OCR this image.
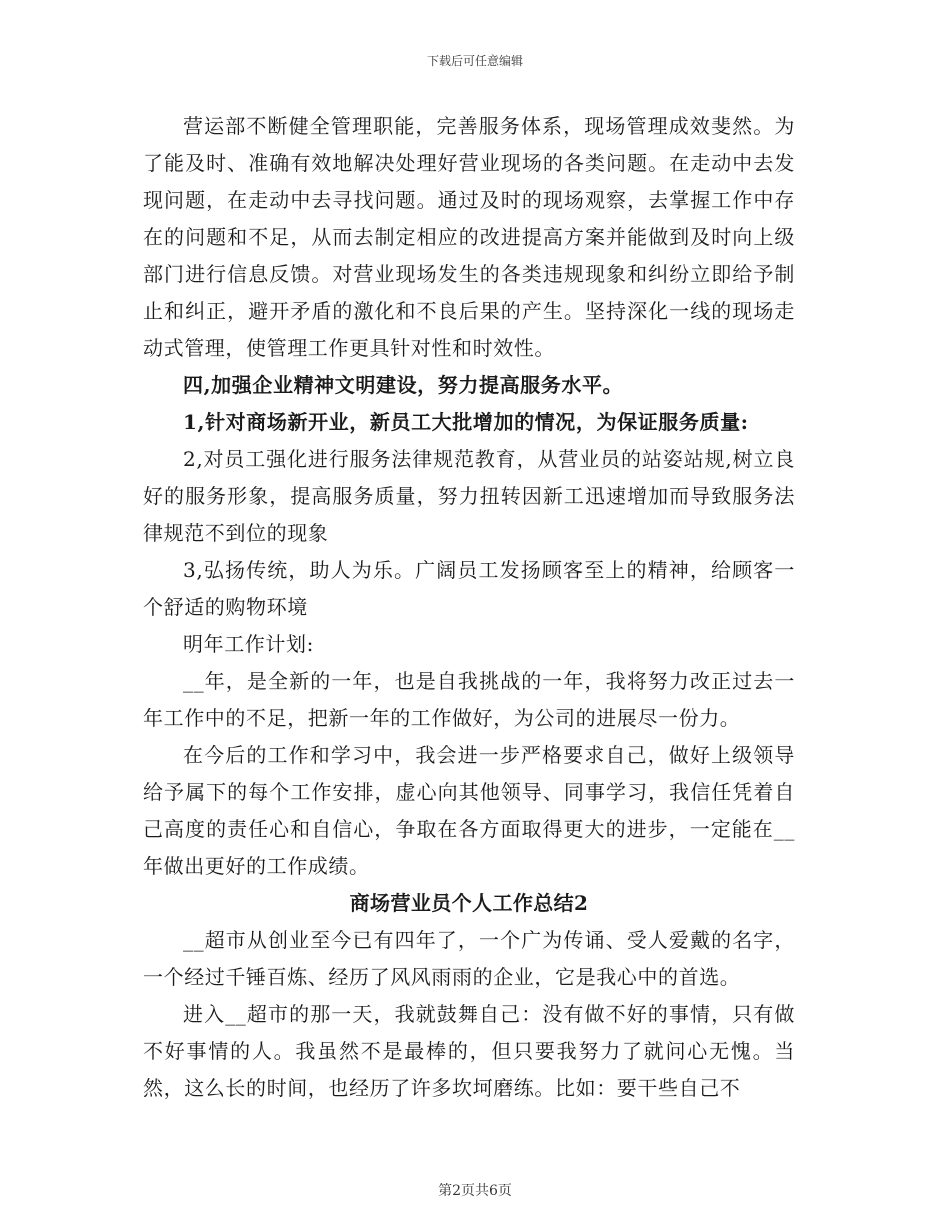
下载后可任意编辑

营运部不断健全管理职能，完善服务体系，现场管理成效斐然。为了能及时、准确有效地解决处理好营业现场的各类问题。在走动中去发现问题，在走动中去寻找问题。通过及时的现场观察，去掌握工作中存在的问题和不足，从而去制定相应的改进提高方案并能做到及时向上级部门进行信息反馈。对营业现场发生的各类违规现象和纠纷立即给予制止和纠正，避开矛盾的激化和不良后果的产生。坚持深化一线的现场走动式管理，使管理工作更具针对性和时效性。

四,加强企业精神文明建设，努力提高服务水平。

1,针对商场新开业，新员工大批增加的情况，为保证服务质量:

2,对员工强化进行服务法律规范教育，从营业员的站姿站规,树立良好的服务形象，提高服务质量，努力扭转因新工迅速增加而导致服务法律规范不到位的现象

3,弘扬传统，助人为乐。广阔员工发扬顾客至上的精神，给顾客一个舒适的购物环境

明年工作计划:

__年，是全新的一年，也是自我挑战的一年，我将努力改正过去一年工作中的不足，把新一年的工作做好，为公司的进展尽一份力。

在今后的工作和学习中，我会进一步严格要求自己，做好上级领导给予属下的每个工作安排，虚心向其他领导、同事学习，我信任凭着自己高度的责任心和自信心，争取在各方面取得更大的进步，一定能在__年做出更好的工作成绩。

商场营业员个人工作总结2

__超市从创业至今已有四年了，一个广为传诵、受人爱戴的名字，一个经过千锤百炼、经历了风风雨雨的企业，它是我心中的首选。

进入__超市的那一天，我就鼓舞自己：没有做不好的事情，只有做不好事情的人。我虽然不是最棒的，但只要我努力了就问心无愧。当然，这么长的时间，也经历了许多坎坷磨练。比如：要干些自己不

第2页共6页
